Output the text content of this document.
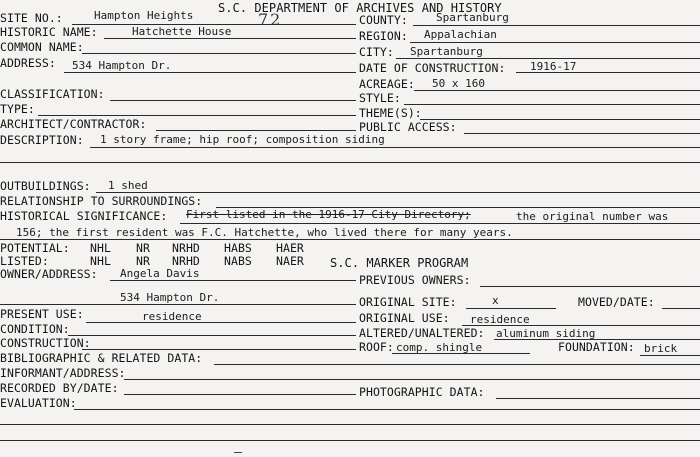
S.C. DEPARTMENT OF ARCHIVES AND HISTORY
72
SITE NO.:	Hampton Heights	COUNTY:	Spartanburg
HISTORIC NAME:	Hatchette House	REGION: Appalachian
COMMON NAME:	CITY: Spartanburg
ADDRESS: 534 Hampton Dr.	DATE OF CONSTRUCTION: 1916-17
ACREAGE: 50 x 160
CLASSIFICATION:	STYLE:
TYPE:	THEME(S):
ARCHITECT/CONTRACTOR:	PUBLIC ACCESS:
DESCRIPTION: 1 story frame; hip roof; composition siding
OUTBUILDINGS: 1 shed
RELATIONSHIP TO SURROUNDINGS:
HISTORICAL SIGNIFICANCE: First listed in the 1916-17 City Directory;	the original number was
156; the first resident was F.C. Hatchette, who lived there for many years.
POTENTIAL: NHL NR NRHD HABS HAER
LISTED:	NHL NR NRHD NABS NAER S.C. MARKER PROGRAM
OWNER/ADDRESS: Angela Davis	PREVIOUS OWNERS:
534 Hampton Dr.	ORIGINAL SITE:	x	MOVED/DATE:
PRESENT USE:	residence	ORIGINAL USE: residence
CONDITION:	ALTERED/UNALTERED: aluminum siding
CONSTRUCTION:	ROOF: comp. shingle	FOUNDATION: brick
BIBLIOGRAPHIC & RELATED DATA:
INFORMANT/ADDRESS:
RECORDED BY/DATE:	PHOTOGRAPHIC DATA:
EVALUATION:
